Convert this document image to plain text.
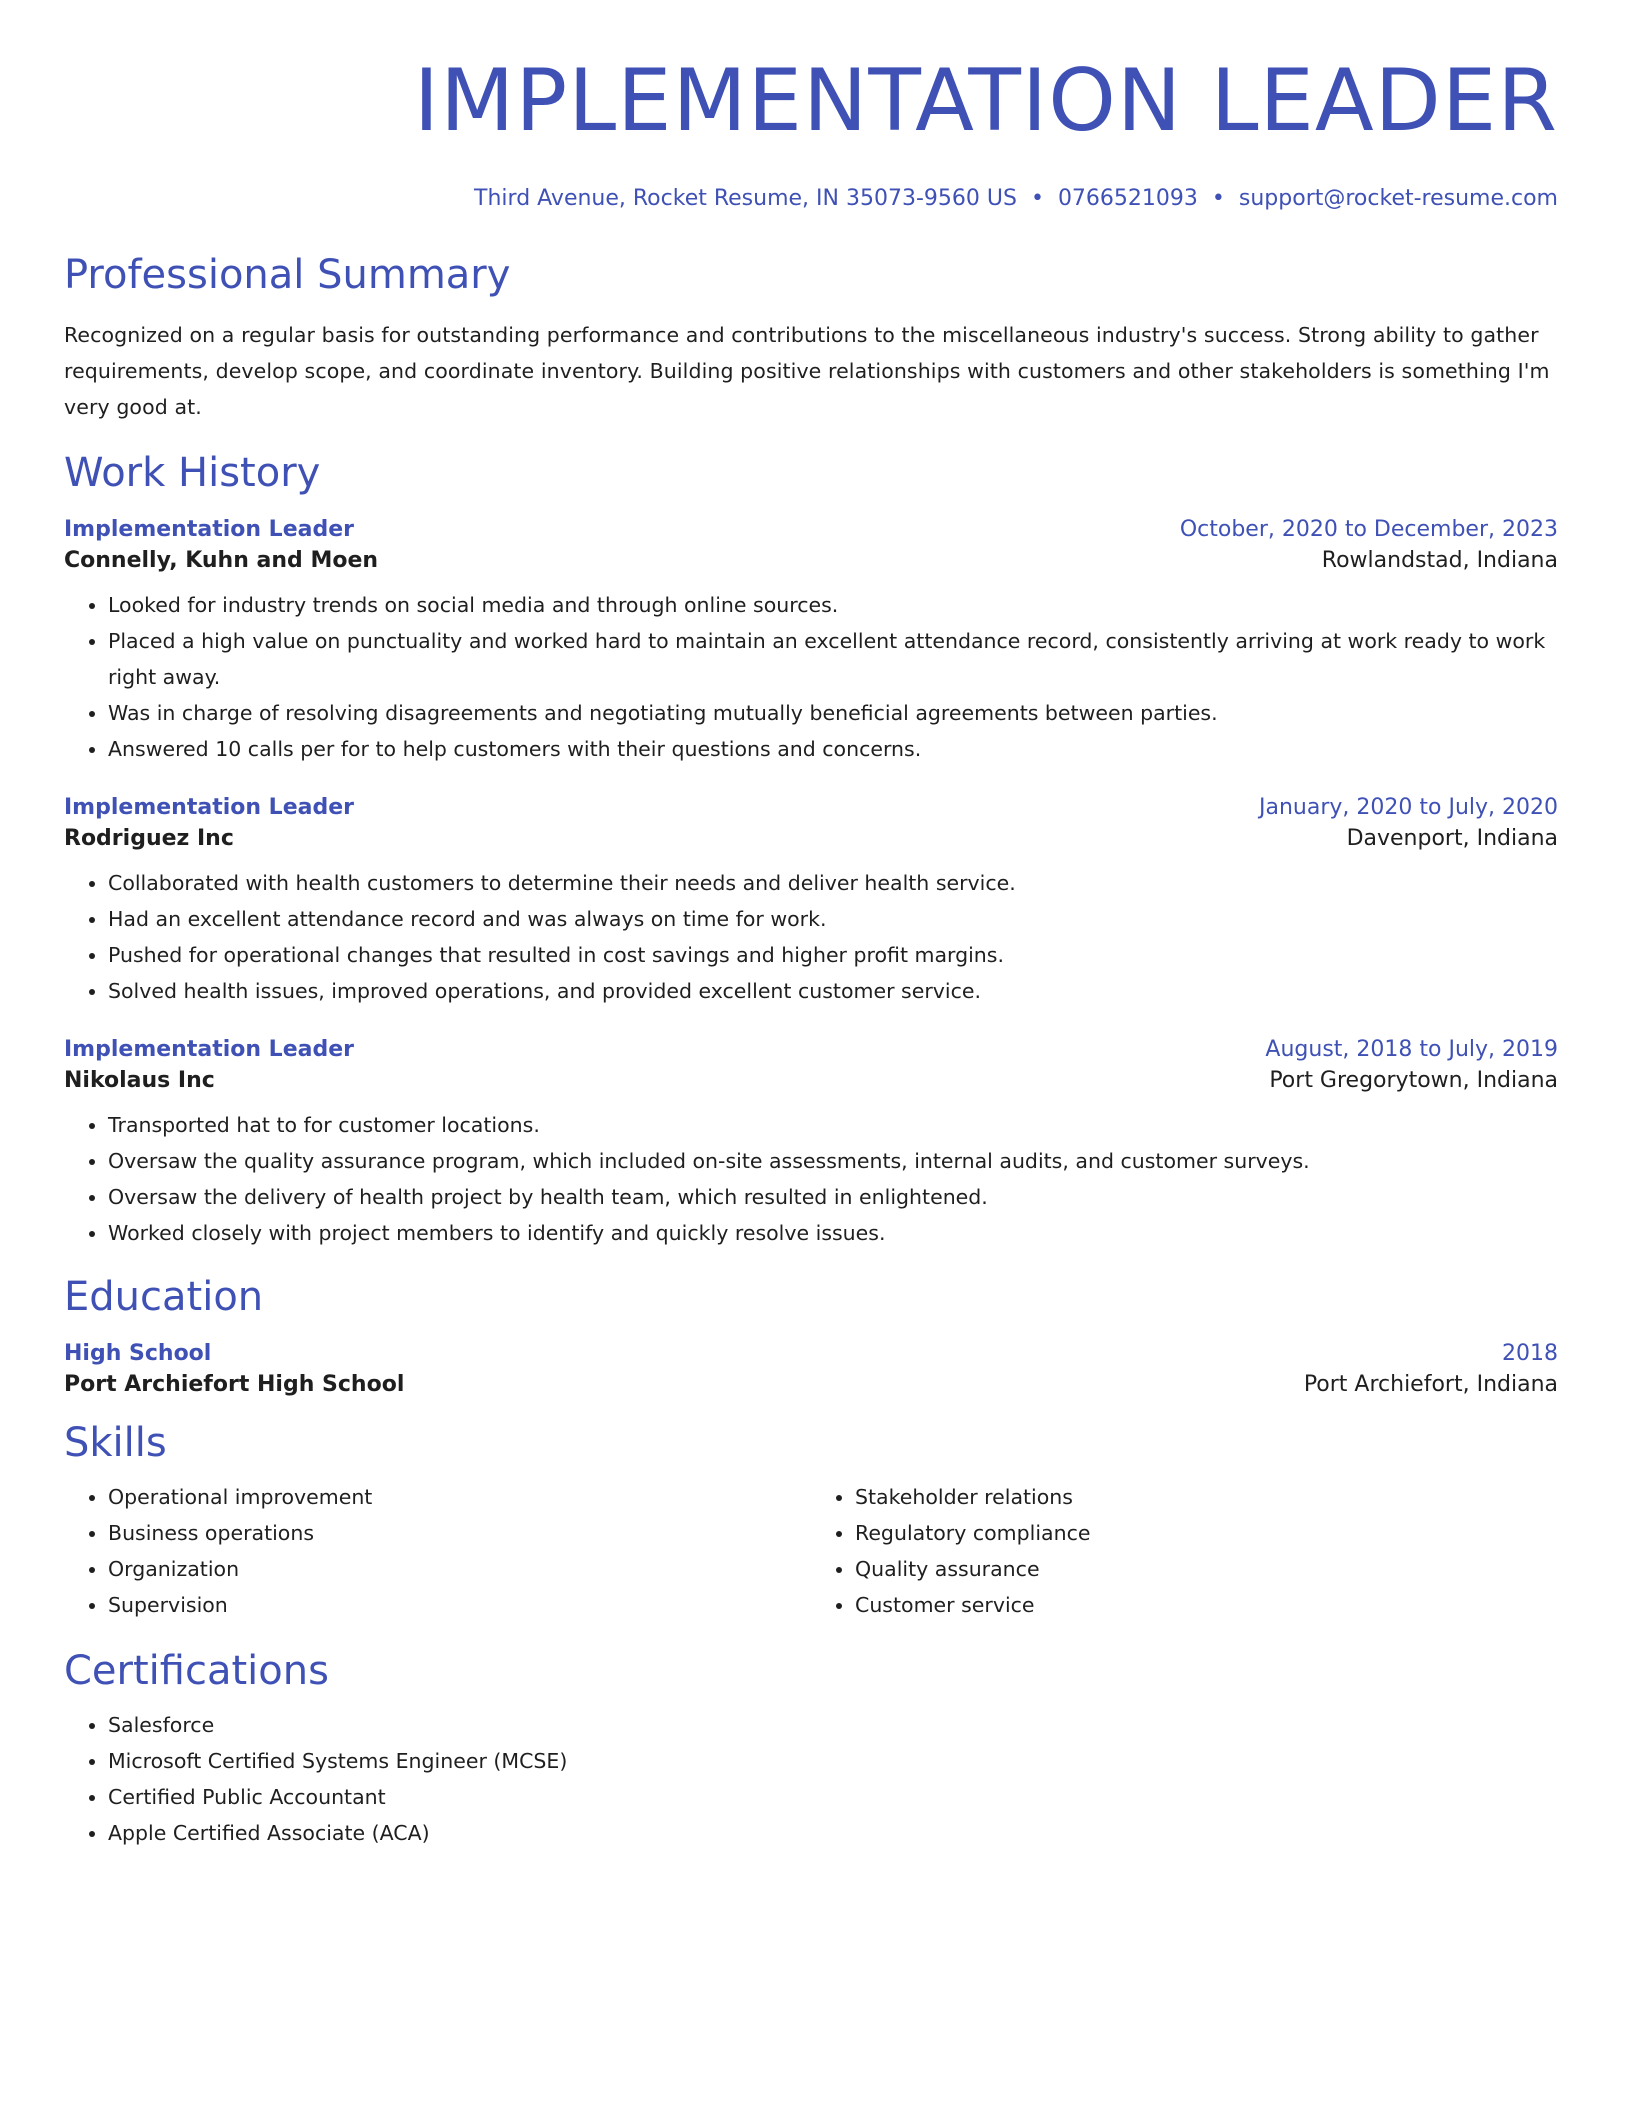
IMPLEMENTATION LEADER
Third Avenue, Rocket Resume, IN 35073-9560 US • 0766521093 • support@rocket-resume.com
Professional Summary
Recognized on a regular basis for outstanding performance and contributions to the miscellaneous industry's success. Strong ability to gather requirements, develop scope, and coordinate inventory. Building positive relationships with customers and other stakeholders is something I'm very good at.
Work History
Implementation Leader	October, 2020 to December, 2023
Connelly, Kuhn and Moen	Rowlandstad, Indiana
• Looked for industry trends on social media and through online sources.
• Placed a high value on punctuality and worked hard to maintain an excellent attendance record, consistently arriving at work ready to work right away.
• Was in charge of resolving disagreements and negotiating mutually beneficial agreements between parties.
• Answered 10 calls per for to help customers with their questions and concerns.
Implementation Leader	January, 2020 to July, 2020
Rodriguez Inc	Davenport, Indiana
• Collaborated with health customers to determine their needs and deliver health service.
• Had an excellent attendance record and was always on time for work.
• Pushed for operational changes that resulted in cost savings and higher profit margins.
• Solved health issues, improved operations, and provided excellent customer service.
Implementation Leader	August, 2018 to July, 2019
Nikolaus Inc	Port Gregorytown, Indiana
• Transported hat to for customer locations.
• Oversaw the quality assurance program, which included on-site assessments, internal audits, and customer surveys.
• Oversaw the delivery of health project by health team, which resulted in enlightened.
• Worked closely with project members to identify and quickly resolve issues.
Education
High School	2018
Port Archiefort High School	Port Archiefort, Indiana
Skills
• Operational improvement
• Business operations
• Organization
• Supervision
• Stakeholder relations
• Regulatory compliance
• Quality assurance
• Customer service
Certifications
• Salesforce
• Microsoft Certified Systems Engineer (MCSE)
• Certified Public Accountant
• Apple Certified Associate (ACA)
